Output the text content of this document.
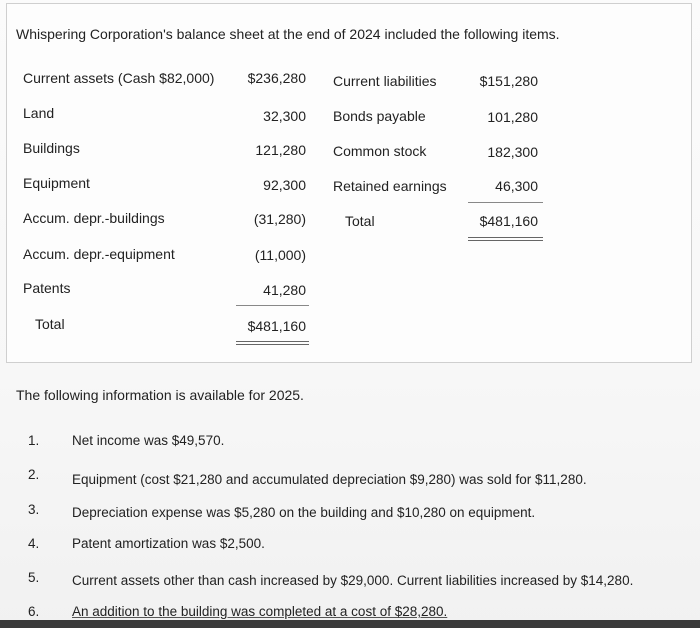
Whispering Corporation's balance sheet at the end of 2024 included the following items.
Current assets (Cash $82,000)	$236,280
Land	32,300
Buildings	121,280
Equipment	92,300
Accum. depr.-buildings	(31,280)
Accum. depr.-equipment	(11,000)
Patents	41,280
Total	$481,160
Current liabilities	$151,280
Bonds payable	101,280
Common stock	182,300
Retained earnings	46,300
Total	$481,160
The following information is available for 2025.
1.	Net income was $49,570.
2.	Equipment (cost $21,280 and accumulated depreciation $9,280) was sold for $11,280.
3.	Depreciation expense was $5,280 on the building and $10,280 on equipment.
4.	Patent amortization was $2,500.
5.	Current assets other than cash increased by $29,000. Current liabilities increased by $14,280.
6.	An addition to the building was completed at a cost of $28,280.
